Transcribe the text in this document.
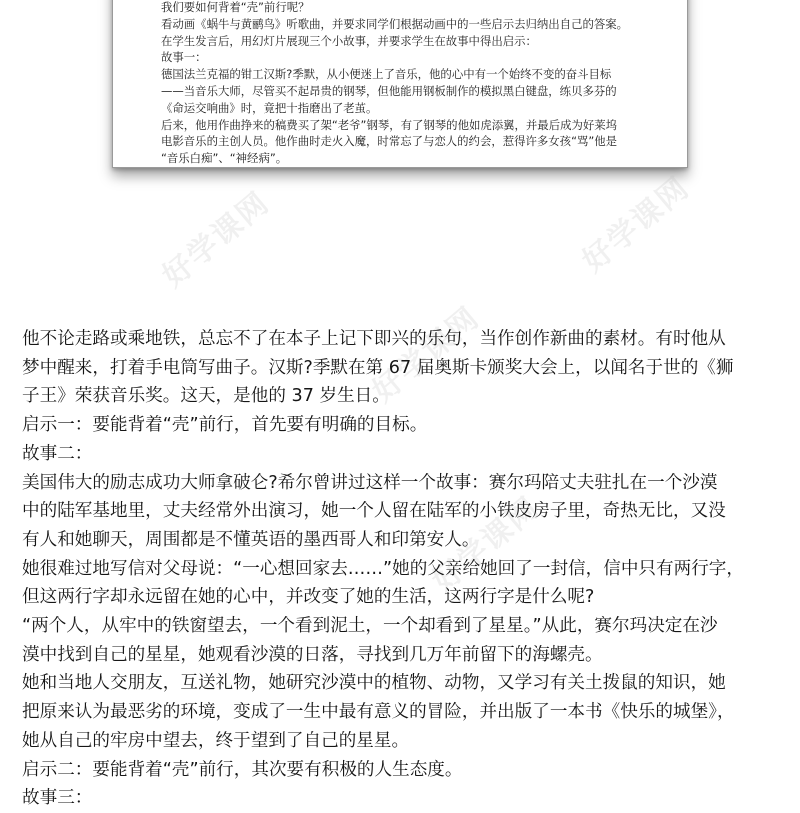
我们要如何背着“壳”前行呢？
看动画《蜗牛与黄鹂鸟》听歌曲，并要求同学们根据动画中的一些启示去归纳出自己的答案。
在学生发言后，用幻灯片展现三个小故事，并要求学生在故事中得出启示：
故事一：
德国法兰克福的钳工汉斯?季默，从小便迷上了音乐，他的心中有一个始终不变的奋斗目标
——当音乐大师，尽管买不起昂贵的钢琴，但他能用钢板制作的模拟黑白键盘，练贝多芬的
《命运交响曲》时，竟把十指磨出了老茧。
后来，他用作曲挣来的稿费买了架“老爷”钢琴，有了钢琴的他如虎添翼，并最后成为好莱坞
电影音乐的主创人员。他作曲时走火入魔，时常忘了与恋人的约会，惹得许多女孩“骂”他是
“音乐白痴”、“神经病”。
好学课网	好学课网
好学课网
好学课网

他不论走路或乘地铁，总忘不了在本子上记下即兴的乐句，当作创作新曲的素材。有时他从

梦中醒来，打着手电筒写曲子。汉斯?季默在第 67 届奥斯卡颁奖大会上，以闻名于世的《狮

子王》荣获音乐奖。这天，是他的 37 岁生日。

启示一：要能背着“壳”前行，首先要有明确的目标。

故事二：

美国伟大的励志成功大师拿破仑?希尔曾讲过这样一个故事：赛尔玛陪丈夫驻扎在一个沙漠

中的陆军基地里，丈夫经常外出演习，她一个人留在陆军的小铁皮房子里，奇热无比，又没

有人和她聊天，周围都是不懂英语的墨西哥人和印第安人。

她很难过地写信对父母说：“一心想回家去……”她的父亲给她回了一封信，信中只有两行字，

但这两行字却永远留在她的心中，并改变了她的生活，这两行字是什么呢?

“两个人，从牢中的铁窗望去，一个看到泥土，一个却看到了星星。”从此，赛尔玛决定在沙

漠中找到自己的星星，她观看沙漠的日落，寻找到几万年前留下的海螺壳。

她和当地人交朋友，互送礼物，她研究沙漠中的植物、动物，又学习有关土拨鼠的知识，她

把原来认为最恶劣的环境，变成了一生中最有意义的冒险，并出版了一本书《快乐的城堡》，

她从自己的牢房中望去，终于望到了自己的星星。

启示二：要能背着“壳”前行，其次要有积极的人生态度。

故事三：
